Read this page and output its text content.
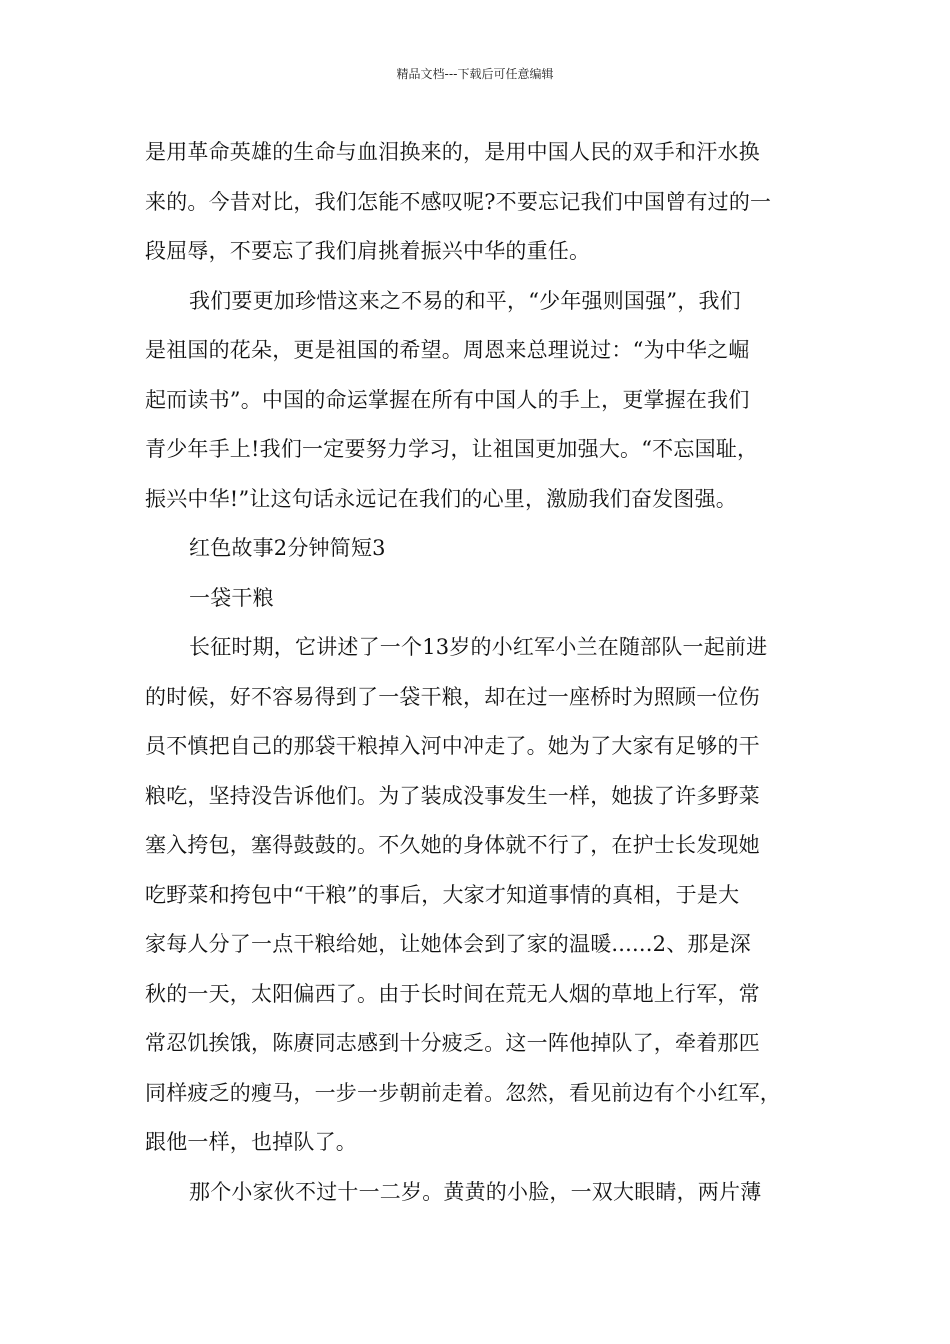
精品文档---下载后可任意编辑
是用革命英雄的生命与血泪换来的，是用中国人民的双手和汗水换
来的。今昔对比，我们怎能不感叹呢?不要忘记我们中国曾有过的一
段屈辱，不要忘了我们肩挑着振兴中华的重任。
我们要更加珍惜这来之不易的和平，“少年强则国强”，我们
是祖国的花朵，更是祖国的希望。周恩来总理说过：“为中华之崛
起而读书”。中国的命运掌握在所有中国人的手上，更掌握在我们
青少年手上!我们一定要努力学习，让祖国更加强大。“不忘国耻，
振兴中华!”让这句话永远记在我们的心里，激励我们奋发图强。
红色故事2分钟简短3
一袋干粮
长征时期，它讲述了一个13岁的小红军小兰在随部队一起前进
的时候，好不容易得到了一袋干粮，却在过一座桥时为照顾一位伤
员不慎把自己的那袋干粮掉入河中冲走了。她为了大家有足够的干
粮吃，坚持没告诉他们。为了装成没事发生一样，她拔了许多野菜
塞入挎包，塞得鼓鼓的。不久她的身体就不行了，在护士长发现她
吃野菜和挎包中“干粮”的事后，大家才知道事情的真相，于是大
家每人分了一点干粮给她，让她体会到了家的温暖......2、那是深
秋的一天，太阳偏西了。由于长时间在荒无人烟的草地上行军，常
常忍饥挨饿，陈赓同志感到十分疲乏。这一阵他掉队了，牵着那匹
同样疲乏的瘦马，一步一步朝前走着。忽然，看见前边有个小红军，
跟他一样，也掉队了。
那个小家伙不过十一二岁。黄黄的小脸，一双大眼睛，两片薄
